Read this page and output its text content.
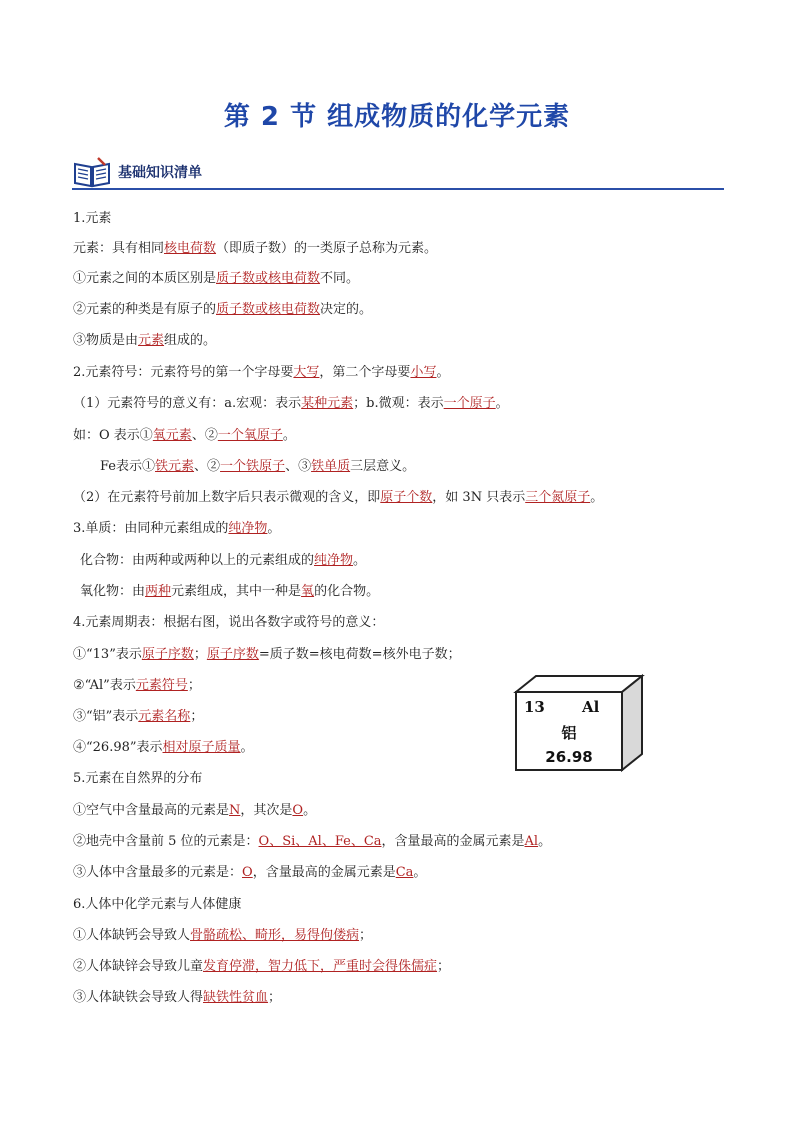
第 2 节 组成物质的化学元素
基础知识清单
1.元素
元素：具有相同核电荷数（即质子数）的一类原子总称为元素。
①元素之间的本质区别是质子数或核电荷数不同。
②元素的种类是有原子的质子数或核电荷数决定的。
③物质是由元素组成的。
2.元素符号：元素符号的第一个字母要大写，第二个字母要小写。
（1）元素符号的意义有：a.宏观：表示某种元素；b.微观：表示一个原子。
如：O 表示①氧元素、②一个氧原子。
Fe表示①铁元素、②一个铁原子、③铁单质三层意义。
（2）在元素符号前加上数字后只表示微观的含义，即原子个数，如 3N 只表示三个氮原子。
3.单质：由同种元素组成的纯净物。
化合物：由两种或两种以上的元素组成的纯净物。
氧化物：由两种元素组成，其中一种是氧的化合物。
4.元素周期表：根据右图，说出各数字或符号的意义：
①“13”表示原子序数；原子序数=质子数=核电荷数=核外电子数；
②“Al”表示元素符号；
③“铝”表示元素名称；
④“26.98”表示相对原子质量。
5.元素在自然界的分布
①空气中含量最高的元素是N，其次是O。
②地壳中含量前 5 位的元素是：O、Si、Al、Fe、Ca，含量最高的金属元素是Al。
③人体中含量最多的元素是：O，含量最高的金属元素是Ca。
6.人体中化学元素与人体健康
①人体缺钙会导致人骨骼疏松、畸形，易得佝偻病；
②人体缺锌会导致儿童发育停滞，智力低下，严重时会得侏儒症；
③人体缺铁会导致人得缺铁性贫血；
13 Al
铝
26.98
